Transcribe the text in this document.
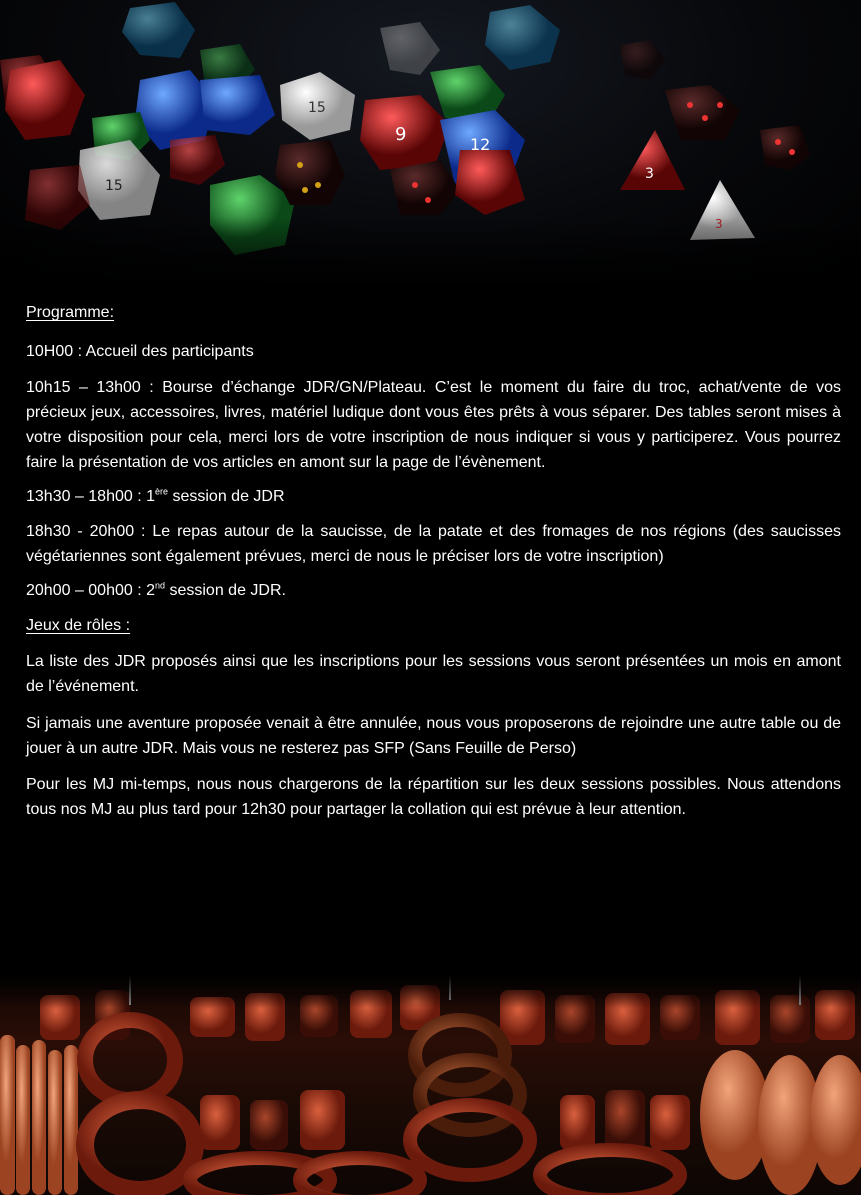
Programme:

10H00 : Accueil des participants

10h15 – 13h00 : Bourse d’échange JDR/GN/Plateau. C’est le moment du faire du troc, achat/vente de vos précieux jeux, accessoires, livres, matériel ludique dont vous êtes prêts à vous séparer. Des tables seront mises à votre disposition pour cela, merci lors de votre inscription de nous indiquer si vous y participerez. Vous pourrez faire la présentation de vos articles en amont sur la page de l’évènement.

13h30 – 18h00 : 1ère session de JDR

18h30 - 20h00 : Le repas autour de la saucisse, de la patate et des fromages de nos régions (des saucisses végétariennes sont également prévues, merci de nous le préciser lors de votre inscription)

20h00 – 00h00 : 2nd session de JDR.

Jeux de rôles :

La liste des JDR proposés ainsi que les inscriptions pour les sessions vous seront présentées un mois en amont de l’événement.

Si jamais une aventure proposée venait à être annulée, nous vous proposerons de rejoindre une autre table ou de jouer à un autre JDR. Mais vous ne resterez pas SFP (Sans Feuille de Perso)

Pour les MJ mi-temps, nous nous chargerons de la répartition sur les deux sessions possibles. Nous attendons tous nos MJ au plus tard pour 12h30 pour partager la collation qui est prévue à leur attention.
